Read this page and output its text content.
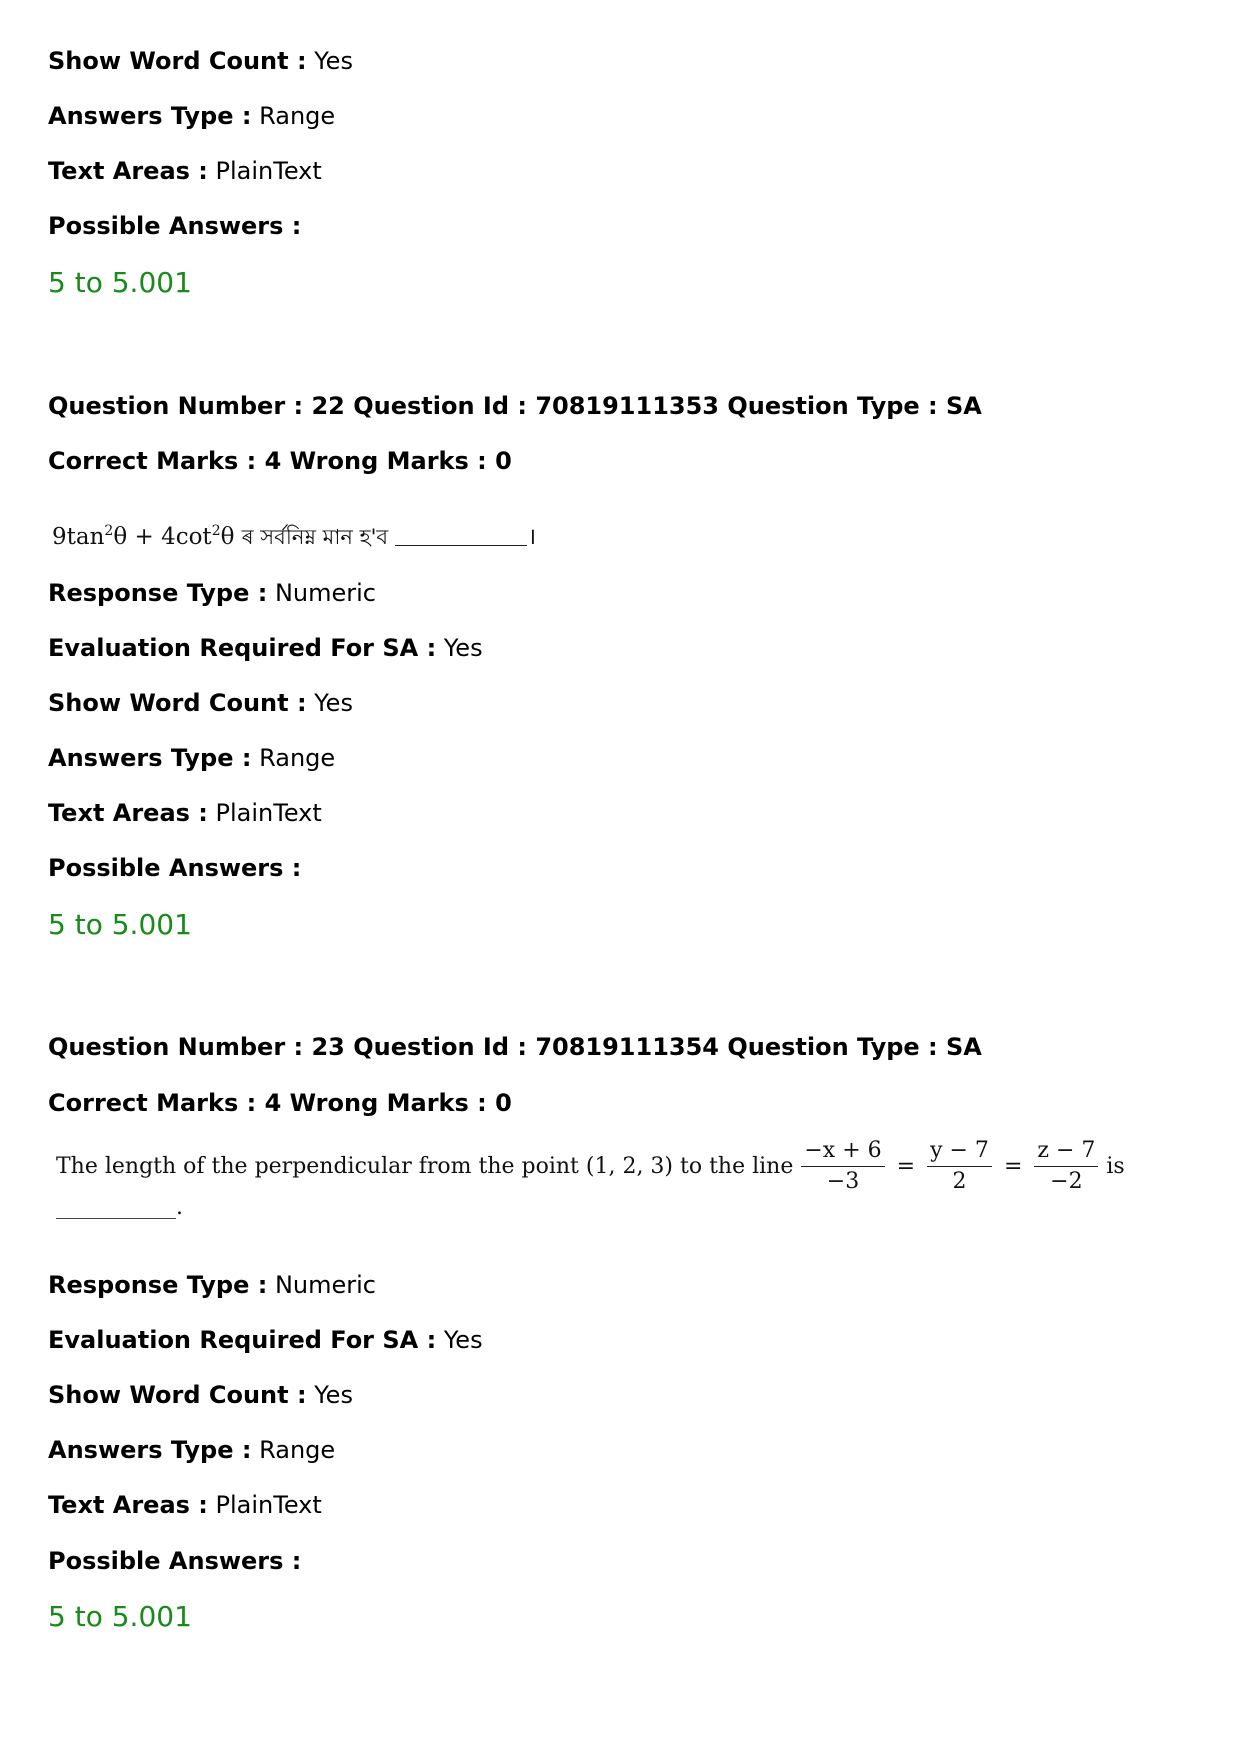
Show Word Count : Yes
Answers Type : Range
Text Areas : PlainText
Possible Answers :
5 to 5.001
Question Number : 22 Question Id : 70819111353 Question Type : SA
Correct Marks : 4 Wrong Marks : 0
$9\tan^2\theta + 4\cot^2\theta$ ৰ সৰ্বনিম্ন মান হ'ব	।
Response Type : Numeric
Evaluation Required For SA : Yes
Show Word Count : Yes
Answers Type : Range
Text Areas : PlainText
Possible Answers :
5 to 5.001
Question Number : 23 Question Id : 70819111354 Question Type : SA
Correct Marks : 4 Wrong Marks : 0
The length of the perpendicular from the point (1, 2, 3) to the line $\frac{-x + 6}{-3} = \frac{y - 7}{2} = \frac{z - 7}{-2}$ is
.
Response Type : Numeric
Evaluation Required For SA : Yes
Show Word Count : Yes
Answers Type : Range
Text Areas : PlainText
Possible Answers :
5 to 5.001
